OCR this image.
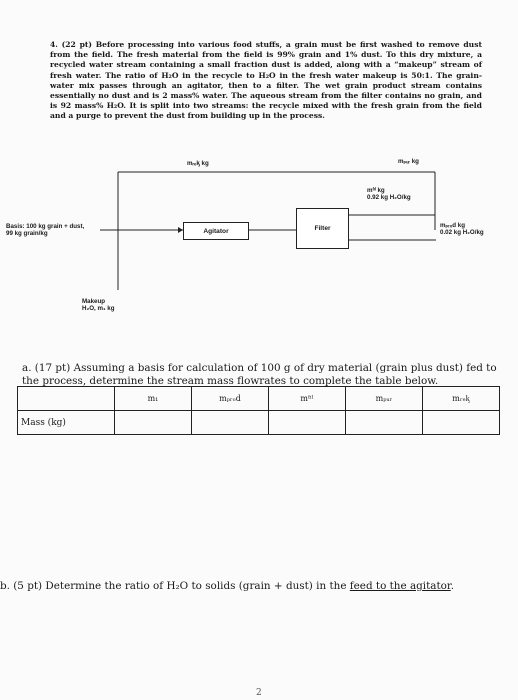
4. (22 pt) Before processing into various food stuffs, a grain must be first washed to remove dust from the field. The fresh material from the field is 99% grain and 1% dust. To this dry mixture, a recycled water stream containing a small fraction dust is added, along with a “makeup” stream of fresh water. The ratio of H₂O in the recycle to H₂O in the fresh water makeup is 50:1. The grain-water mix passes through an agitator, then to a filter. The wet grain product stream contains essentially no dust and is 2 mass% water. The aqueous stream from the filter contains no grain, and is 92 mass% H₂O. It is split into two streams: the recycle mixed with the fresh grain from the field and a purge to prevent the dust from building up in the process.

mᵣₑᶄ kg	mₚᵤᵣ kg
mᶠᶦˡ kg
0.92 kg H₂O/kg
Basis: 100 kg grain + dust,
99 kg grain/kg	Agitator	Filter	mₚᵣₒd kg
0.02 kg H₂O/kg
Makeup
H₂O, m₁ kg
a. (17 pt) Assuming a basis for calculation of 100 g of dry material (grain plus dust) fed to the process, determine the stream mass flowrates to complete the table below.
	m₁	mₚᵣₒd	mᶠᶦˡ	mₚᵤᵣ	mᵣₑᶄ
Mass (kg)					
b. (5 pt) Determine the ratio of H₂O to solids (grain + dust) in the feed to the agitator.
2
